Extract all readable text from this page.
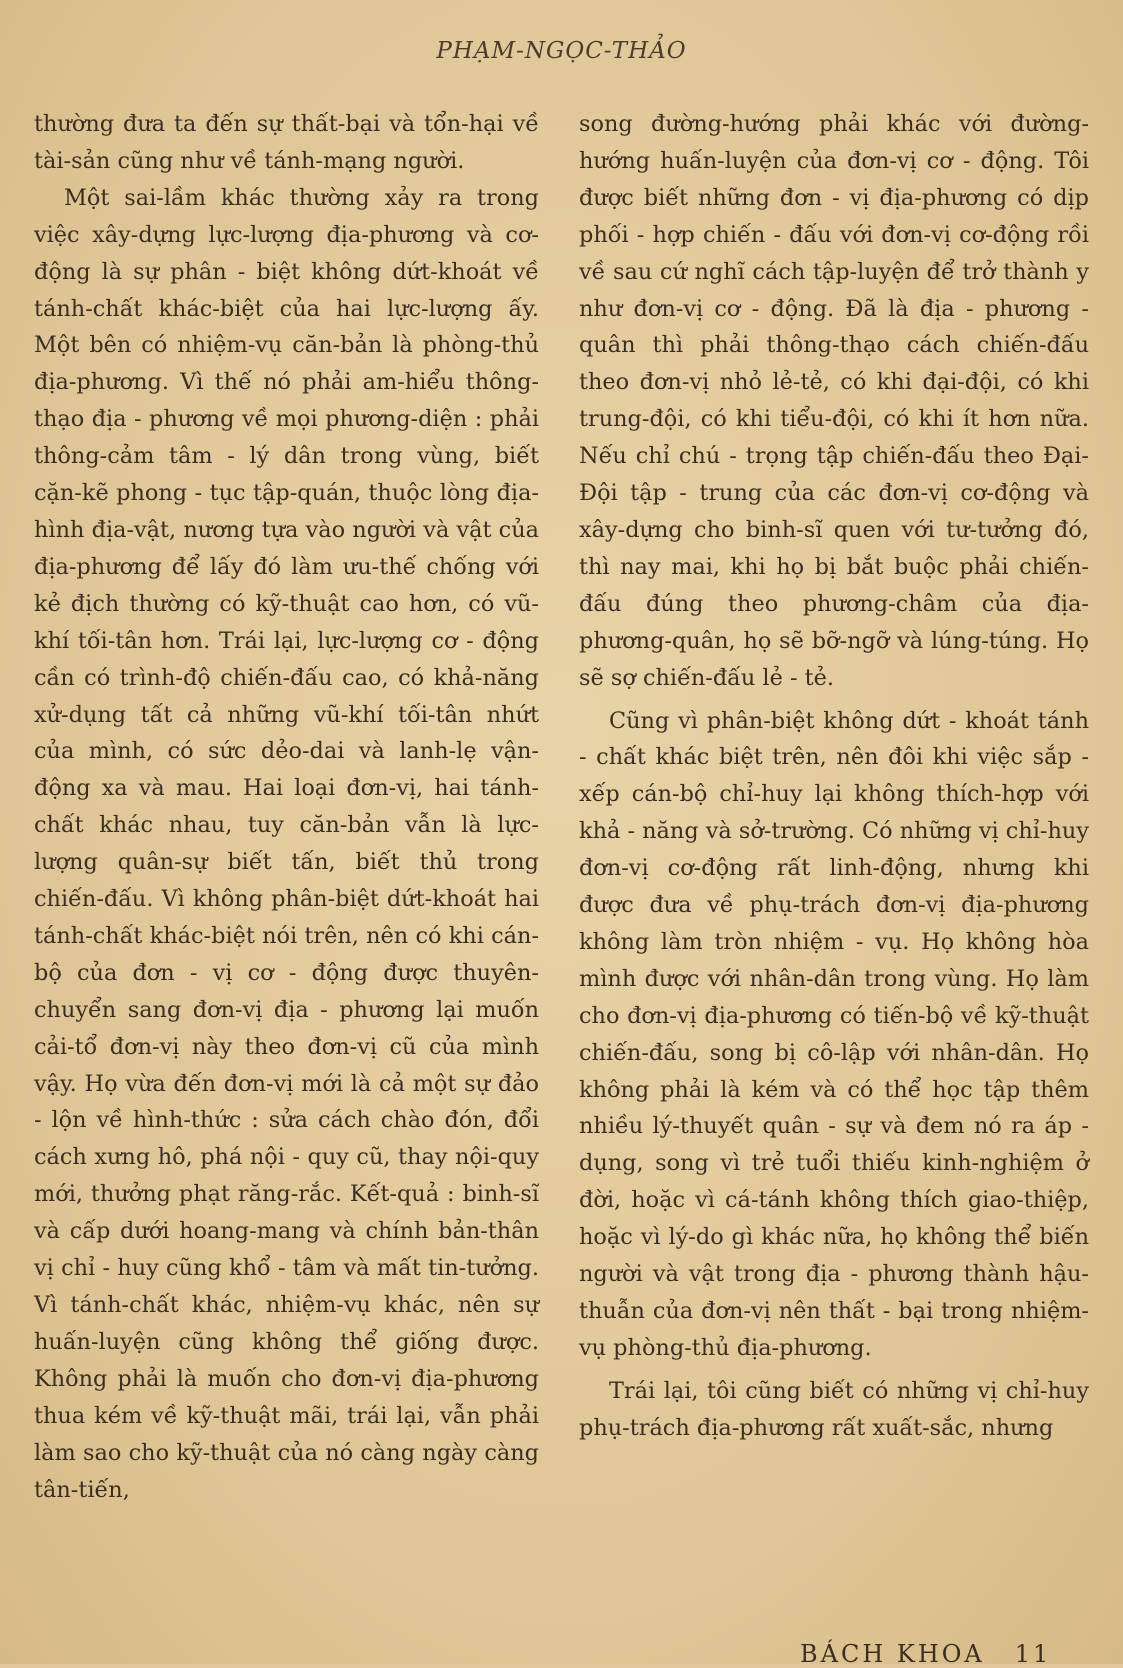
PHẠM-NGỌC-THẢO

thường đưa ta đến sự thất-bại và tổn-hại về tài-sản cũng như về tánh-mạng người.

Một sai-lầm khác thường xảy ra trong việc xây-dựng lực-lượng địa-phương và cơ-động là sự phân - biệt không dứt-khoát về tánh-chất khác-biệt của hai lực-lượng ấy. Một bên có nhiệm-vụ căn-bản là phòng-thủ địa-phương. Vì thế nó phải am-hiểu thông-thạo địa - phương về mọi phương-diện : phải thông-cảm tâm - lý dân trong vùng, biết cặn-kẽ phong - tục tập-quán, thuộc lòng địa-hình địa-vật, nương tựa vào người và vật của địa-phương để lấy đó làm ưu-thế chống với kẻ địch thường có kỹ-thuật cao hơn, có vũ-khí tối-tân hơn. Trái lại, lực-lượng cơ - động cần có trình-độ chiến-đấu cao, có khả-năng xử-dụng tất cả những vũ-khí tối-tân nhứt của mình, có sức dẻo-dai và lanh-lẹ vận-động xa và mau. Hai loại đơn-vị, hai tánh-chất khác nhau, tuy căn-bản vẫn là lực-lượng quân-sự biết tấn, biết thủ trong chiến-đấu. Vì không phân-biệt dứt-khoát hai tánh-chất khác-biệt nói trên, nên có khi cán-bộ của đơn - vị cơ - động được thuyên-chuyển sang đơn-vị địa - phương lại muốn cải-tổ đơn-vị này theo đơn-vị cũ của mình vậy. Họ vừa đến đơn-vị mới là cả một sự đảo - lộn về hình-thức : sửa cách chào đón, đổi cách xưng hô, phá nội - quy cũ, thay nội-quy mới, thưởng phạt răng-rắc. Kết-quả : binh-sĩ và cấp dưới hoang-mang và chính bản-thân vị chỉ - huy cũng khổ - tâm và mất tin-tưởng. Vì tánh-chất khác, nhiệm-vụ khác, nên sự huấn-luyện cũng không thể giống được. Không phải là muốn cho đơn-vị địa-phương thua kém về kỹ-thuật mãi, trái lại, vẫn phải làm sao cho kỹ-thuật của nó càng ngày càng tân-tiến,

song đường-hướng phải khác với đường-hướng huấn-luyện của đơn-vị cơ - động. Tôi được biết những đơn - vị địa-phương có dịp phối - hợp chiến - đấu với đơn-vị cơ-động rồi về sau cứ nghĩ cách tập-luyện để trở thành y như đơn-vị cơ - động. Đã là địa - phương - quân thì phải thông-thạo cách chiến-đấu theo đơn-vị nhỏ lẻ-tẻ, có khi đại-đội, có khi trung-đội, có khi tiểu-đội, có khi ít hơn nữa. Nếu chỉ chú - trọng tập chiến-đấu theo Đại-Đội tập - trung của các đơn-vị cơ-động và xây-dựng cho binh-sĩ quen với tư-tưởng đó, thì nay mai, khi họ bị bắt buộc phải chiến-đấu đúng theo phương-châm của địa-phương-quân, họ sẽ bỡ-ngỡ và lúng-túng. Họ sẽ sợ chiến-đấu lẻ - tẻ.

Cũng vì phân-biệt không dứt - khoát tánh - chất khác biệt trên, nên đôi khi việc sắp - xếp cán-bộ chỉ-huy lại không thích-hợp với khả - năng và sở-trường. Có những vị chỉ-huy đơn-vị cơ-động rất linh-động, nhưng khi được đưa về phụ-trách đơn-vị địa-phương không làm tròn nhiệm - vụ. Họ không hòa mình được với nhân-dân trong vùng. Họ làm cho đơn-vị địa-phương có tiến-bộ về kỹ-thuật chiến-đấu, song bị cô-lập với nhân-dân. Họ không phải là kém và có thể học tập thêm nhiều lý-thuyết quân - sự và đem nó ra áp - dụng, song vì trẻ tuổi thiếu kinh-nghiệm ở đời, hoặc vì cá-tánh không thích giao-thiệp, hoặc vì lý-do gì khác nữa, họ không thể biến người và vật trong địa - phương thành hậu-thuẫn của đơn-vị nên thất - bại trong nhiệm-vụ phòng-thủ địa-phương.

Trái lại, tôi cũng biết có những vị chỉ-huy phụ-trách địa-phương rất xuất-sắc, nhưng

BÁCH KHOA 11
